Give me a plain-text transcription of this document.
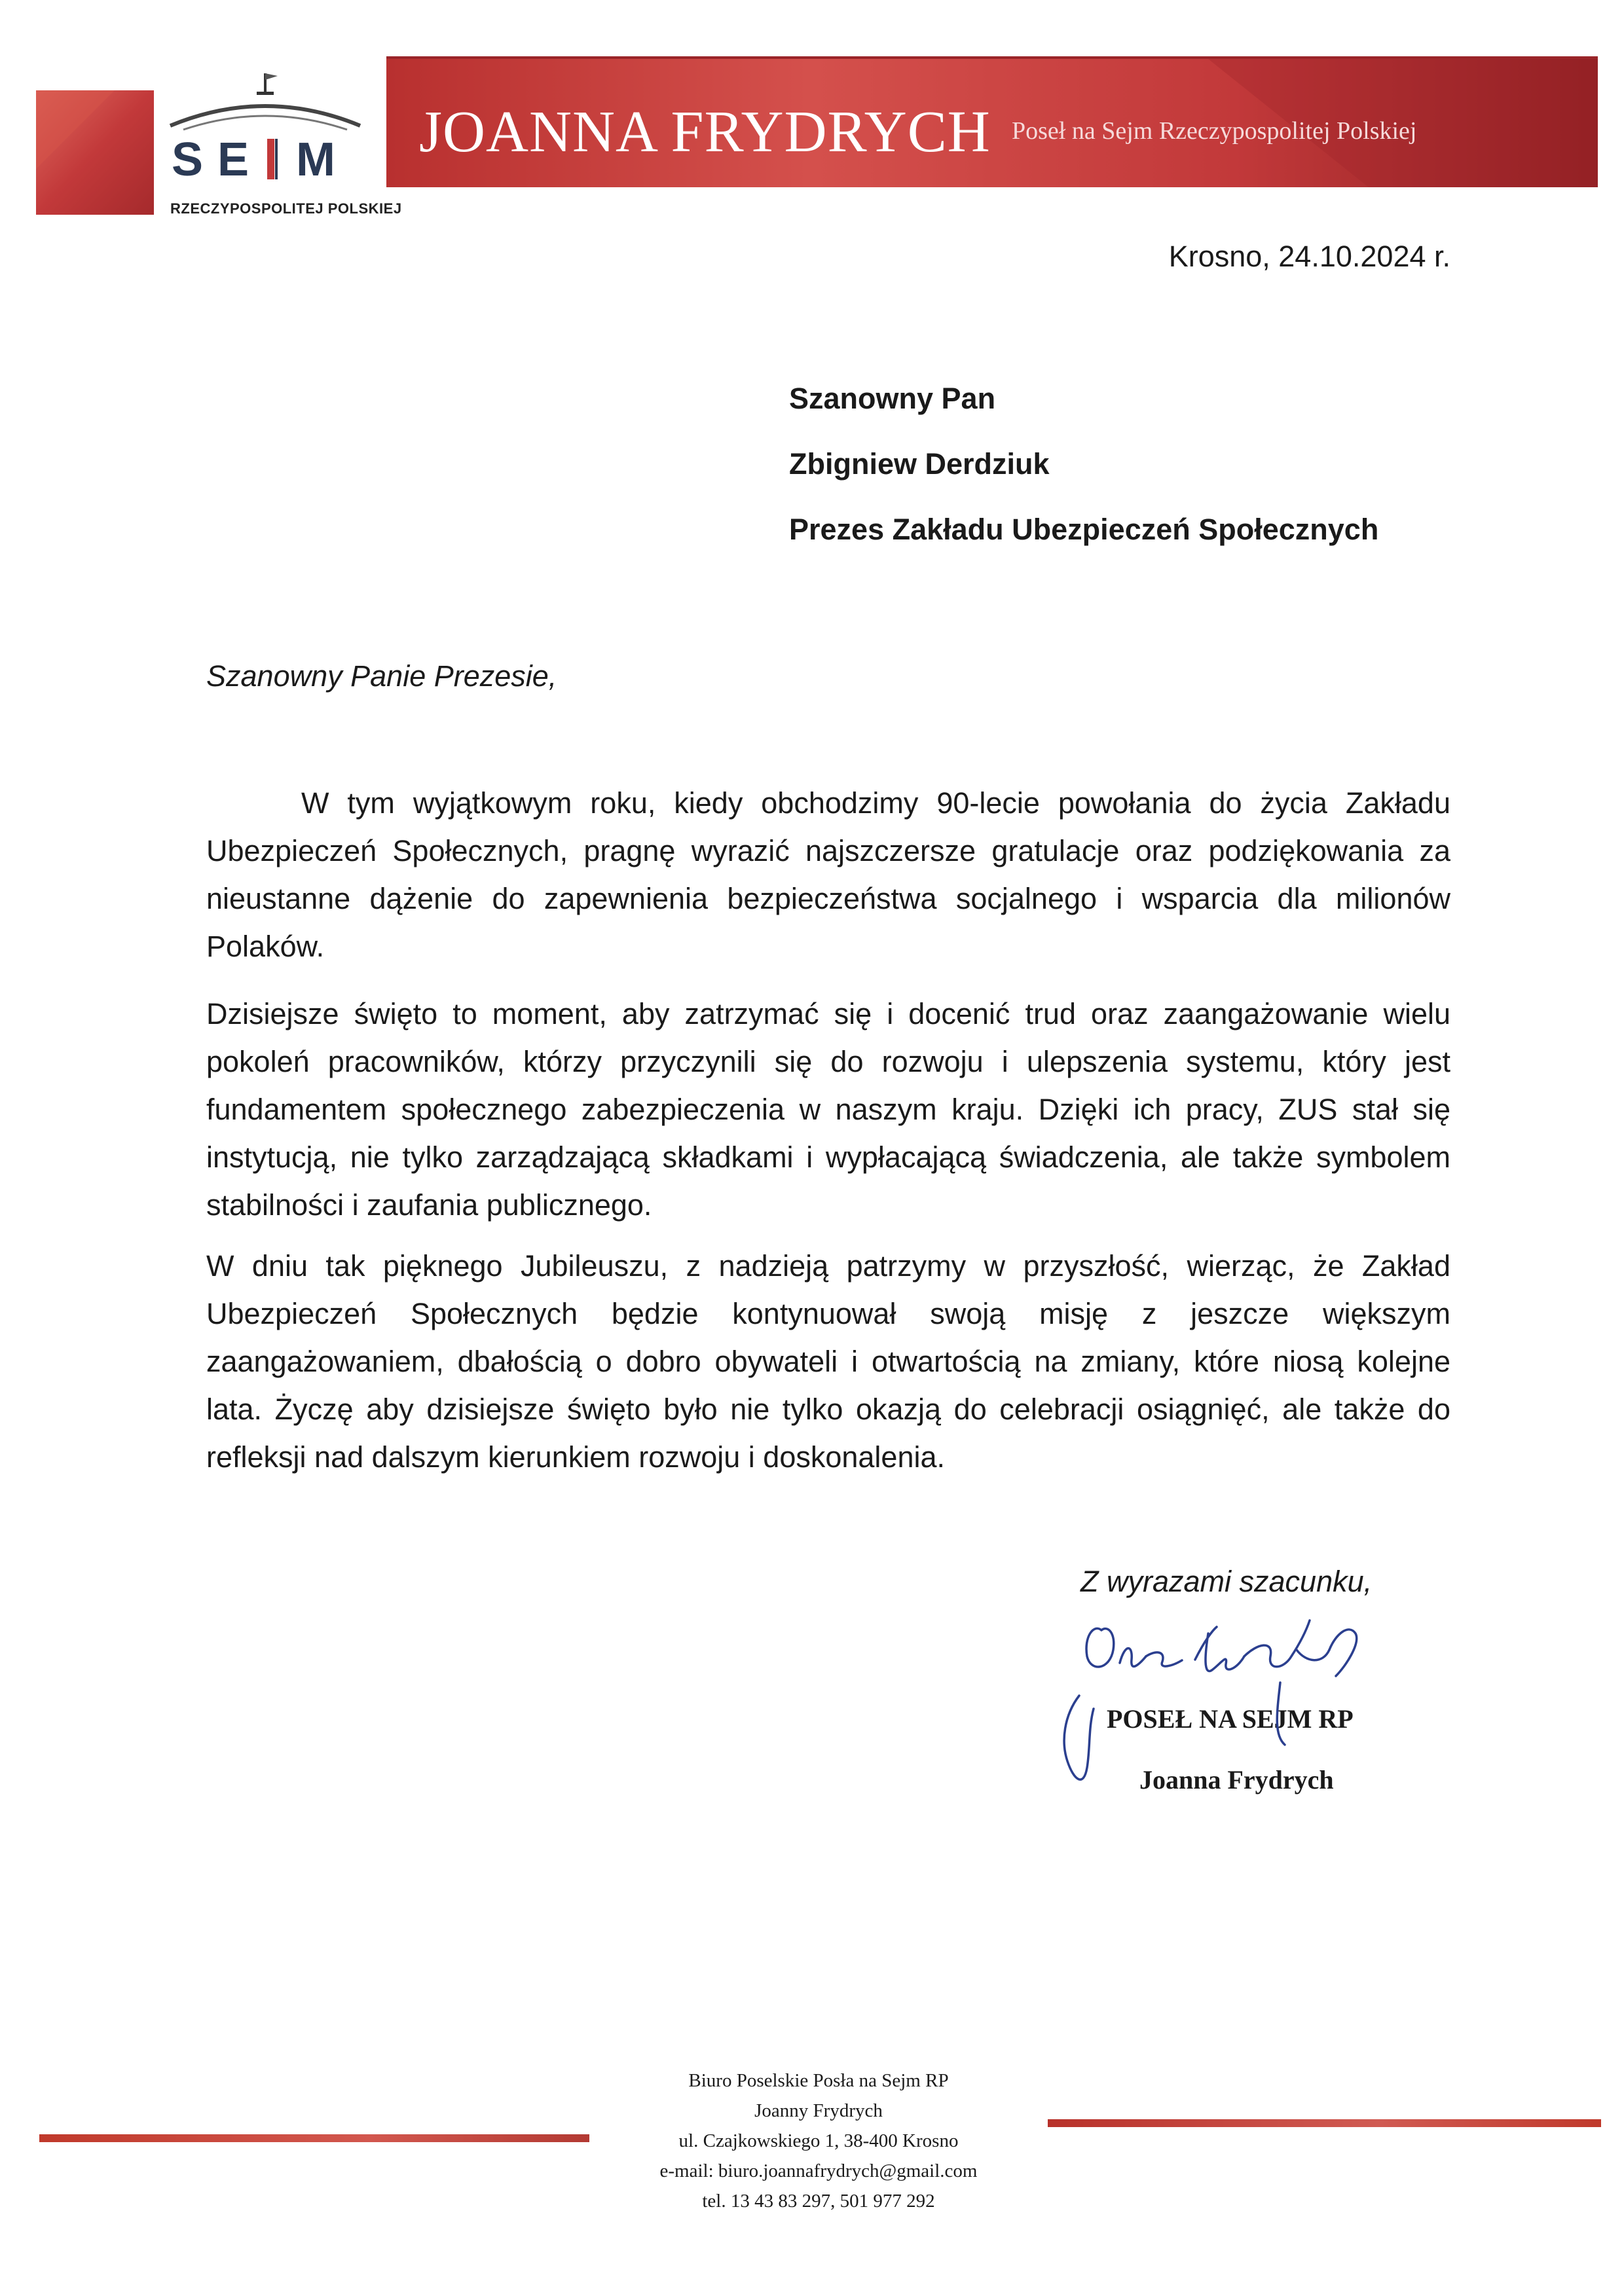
S E M
RZECZYPOSPOLITEJ POLSKIEJ
JOANNA FRYDRYCH Poseł na Sejm Rzeczypospolitej Polskiej
Krosno, 24.10.2024 r.
Szanowny Pan
Zbigniew Derdziuk
Prezes Zakładu Ubezpieczeń Społecznych
Szanowny Panie Prezesie,

W tym wyjątkowym roku, kiedy obchodzimy 90-lecie powołania do życia Zakładu Ubezpieczeń Społecznych, pragnę wyrazić najszczersze gratulacje oraz podziękowania za nieustanne dążenie do zapewnienia bezpieczeństwa socjalnego i wsparcia dla milionów Polaków.

Dzisiejsze święto to moment, aby zatrzymać się i docenić trud oraz zaangażowanie wielu pokoleń pracowników, którzy przyczynili się do rozwoju i ulepszenia systemu, który jest fundamentem społecznego zabezpieczenia w naszym kraju. Dzięki ich pracy, ZUS stał się instytucją, nie tylko zarządzającą składkami i wypłacającą świadczenia, ale także symbolem stabilności i zaufania publicznego.

W dniu tak pięknego Jubileuszu, z nadzieją patrzymy w przyszłość, wierząc, że Zakład Ubezpieczeń Społecznych będzie kontynuował swoją misję z jeszcze większym zaangażowaniem, dbałością o dobro obywateli i otwartością na zmiany, które niosą kolejne lata. Życzę aby dzisiejsze święto było nie tylko okazją do celebracji osiągnięć, ale także do refleksji nad dalszym kierunkiem rozwoju i doskonalenia.

Z wyrazami szacunku,
POSEŁ NA SEJM RP
Joanna Frydrych
Biuro Poselskie Posła na Sejm RP
Joanny Frydrych
ul. Czajkowskiego 1, 38-400 Krosno
e-mail: biuro.joannafrydrych@gmail.com
tel. 13 43 83 297, 501 977 292
